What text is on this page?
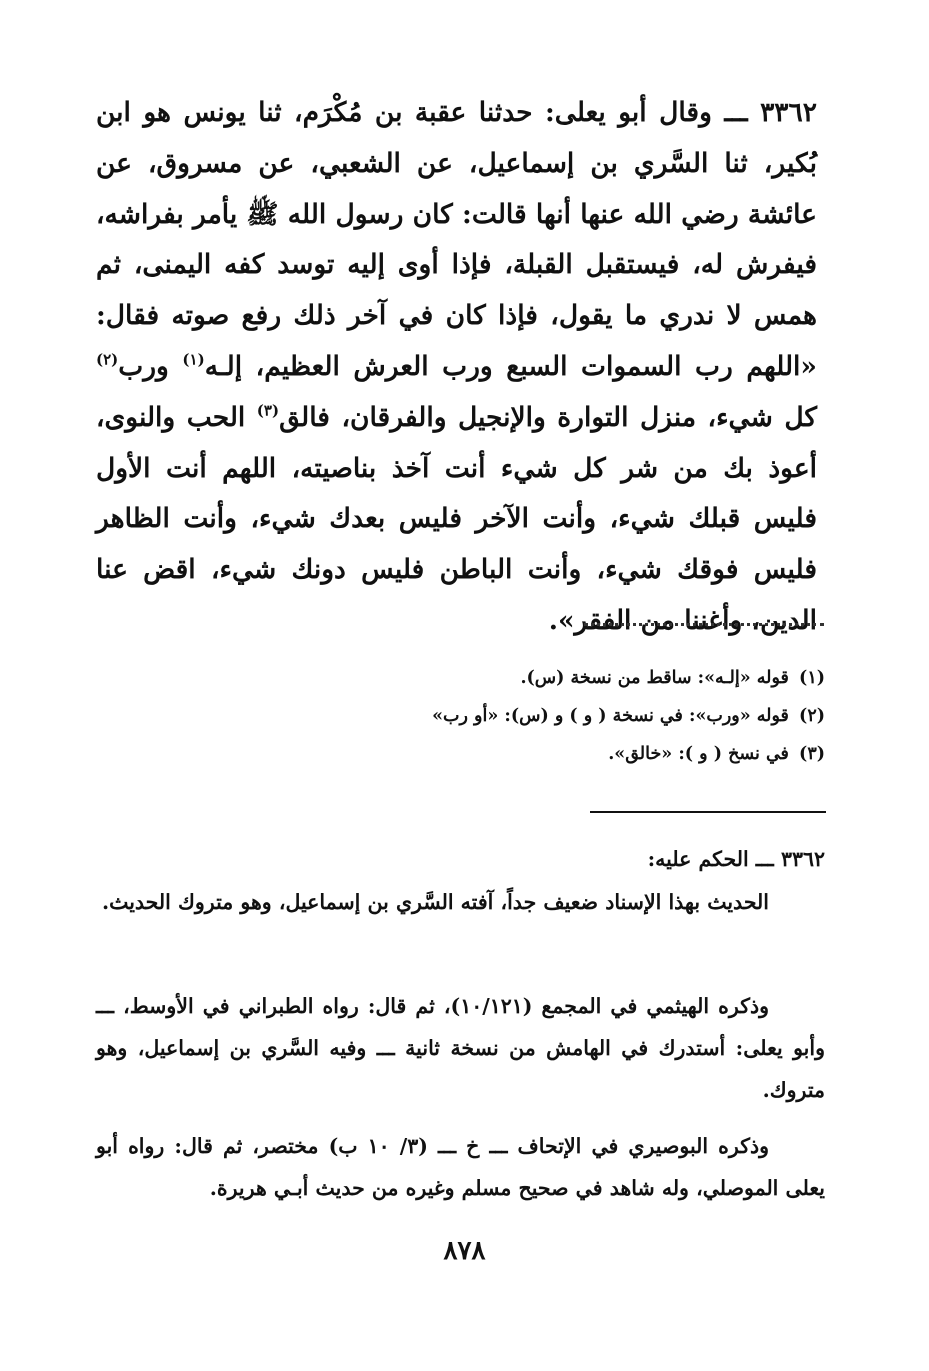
٣٣٦٢ ـــ وقال أبو يعلى: حدثنا عقبة بن مُكْرَم، ثنا يونس هو ابن بُكير، ثنا السَّري بن إسماعيل، عن الشعبي، عن مسروق، عن عائشة رضي الله عنها أنها قالت: كان رسول الله ﷺ يأمر بفراشه، فيفرش له، فيستقبل القبلة، فإذا أوى إليه توسد كفه اليمنى، ثم همس لا ندري ما يقول، فإذا كان في آخر ذلك رفع صوته فقال: «اللهم رب السموات السبع ورب العرش العظيم، إلـه$^{(١)}$ ورب$^{(٢)}$ كل شيء، منزل التوارة والإنجيل والفرقان، فالق$^{(٣)}$ الحب والنوى، أعوذ بك من شر كل شيء أنت آخذ بناصيته، اللهم أنت الأول فليس قبلك شيء، وأنت الآخر فليس بعدك شيء، وأنت الظاهر فليس فوقك شيء، وأنت الباطن فليس دونك شيء، اقض عنا الدين، وأغننا من الفقر».
(١) قوله «إلـه»: ساقط من نسخة (س).
(٢) قوله «ورب»: في نسخة ( و ) و (س): «أو رب»
(٣) في نسخ ( و ): «خالق».
٣٣٦٢ ـــ الحكم عليه:
الحديث بهذا الإسناد ضعيف جداً، آفته السَّري بن إسماعيل، وهو متروك الحديث.
وذكره الهيثمي في المجمع (١٠/١٢١)، ثم قال: رواه الطبراني في الأوسط، ـــ وأبو يعلى: أستدرك في الهامش من نسخة ثانية ـــ وفيه السَّري بن إسماعيل، وهو متروك.
وذكره البوصيري في الإتحاف ـــ خ ـــ (٣/ ١٠ ب) مختصر، ثم قال: رواه أبو يعلى الموصلي، وله شاهد في صحيح مسلم وغيره من حديث أبـي هريرة.
٨٧٨
